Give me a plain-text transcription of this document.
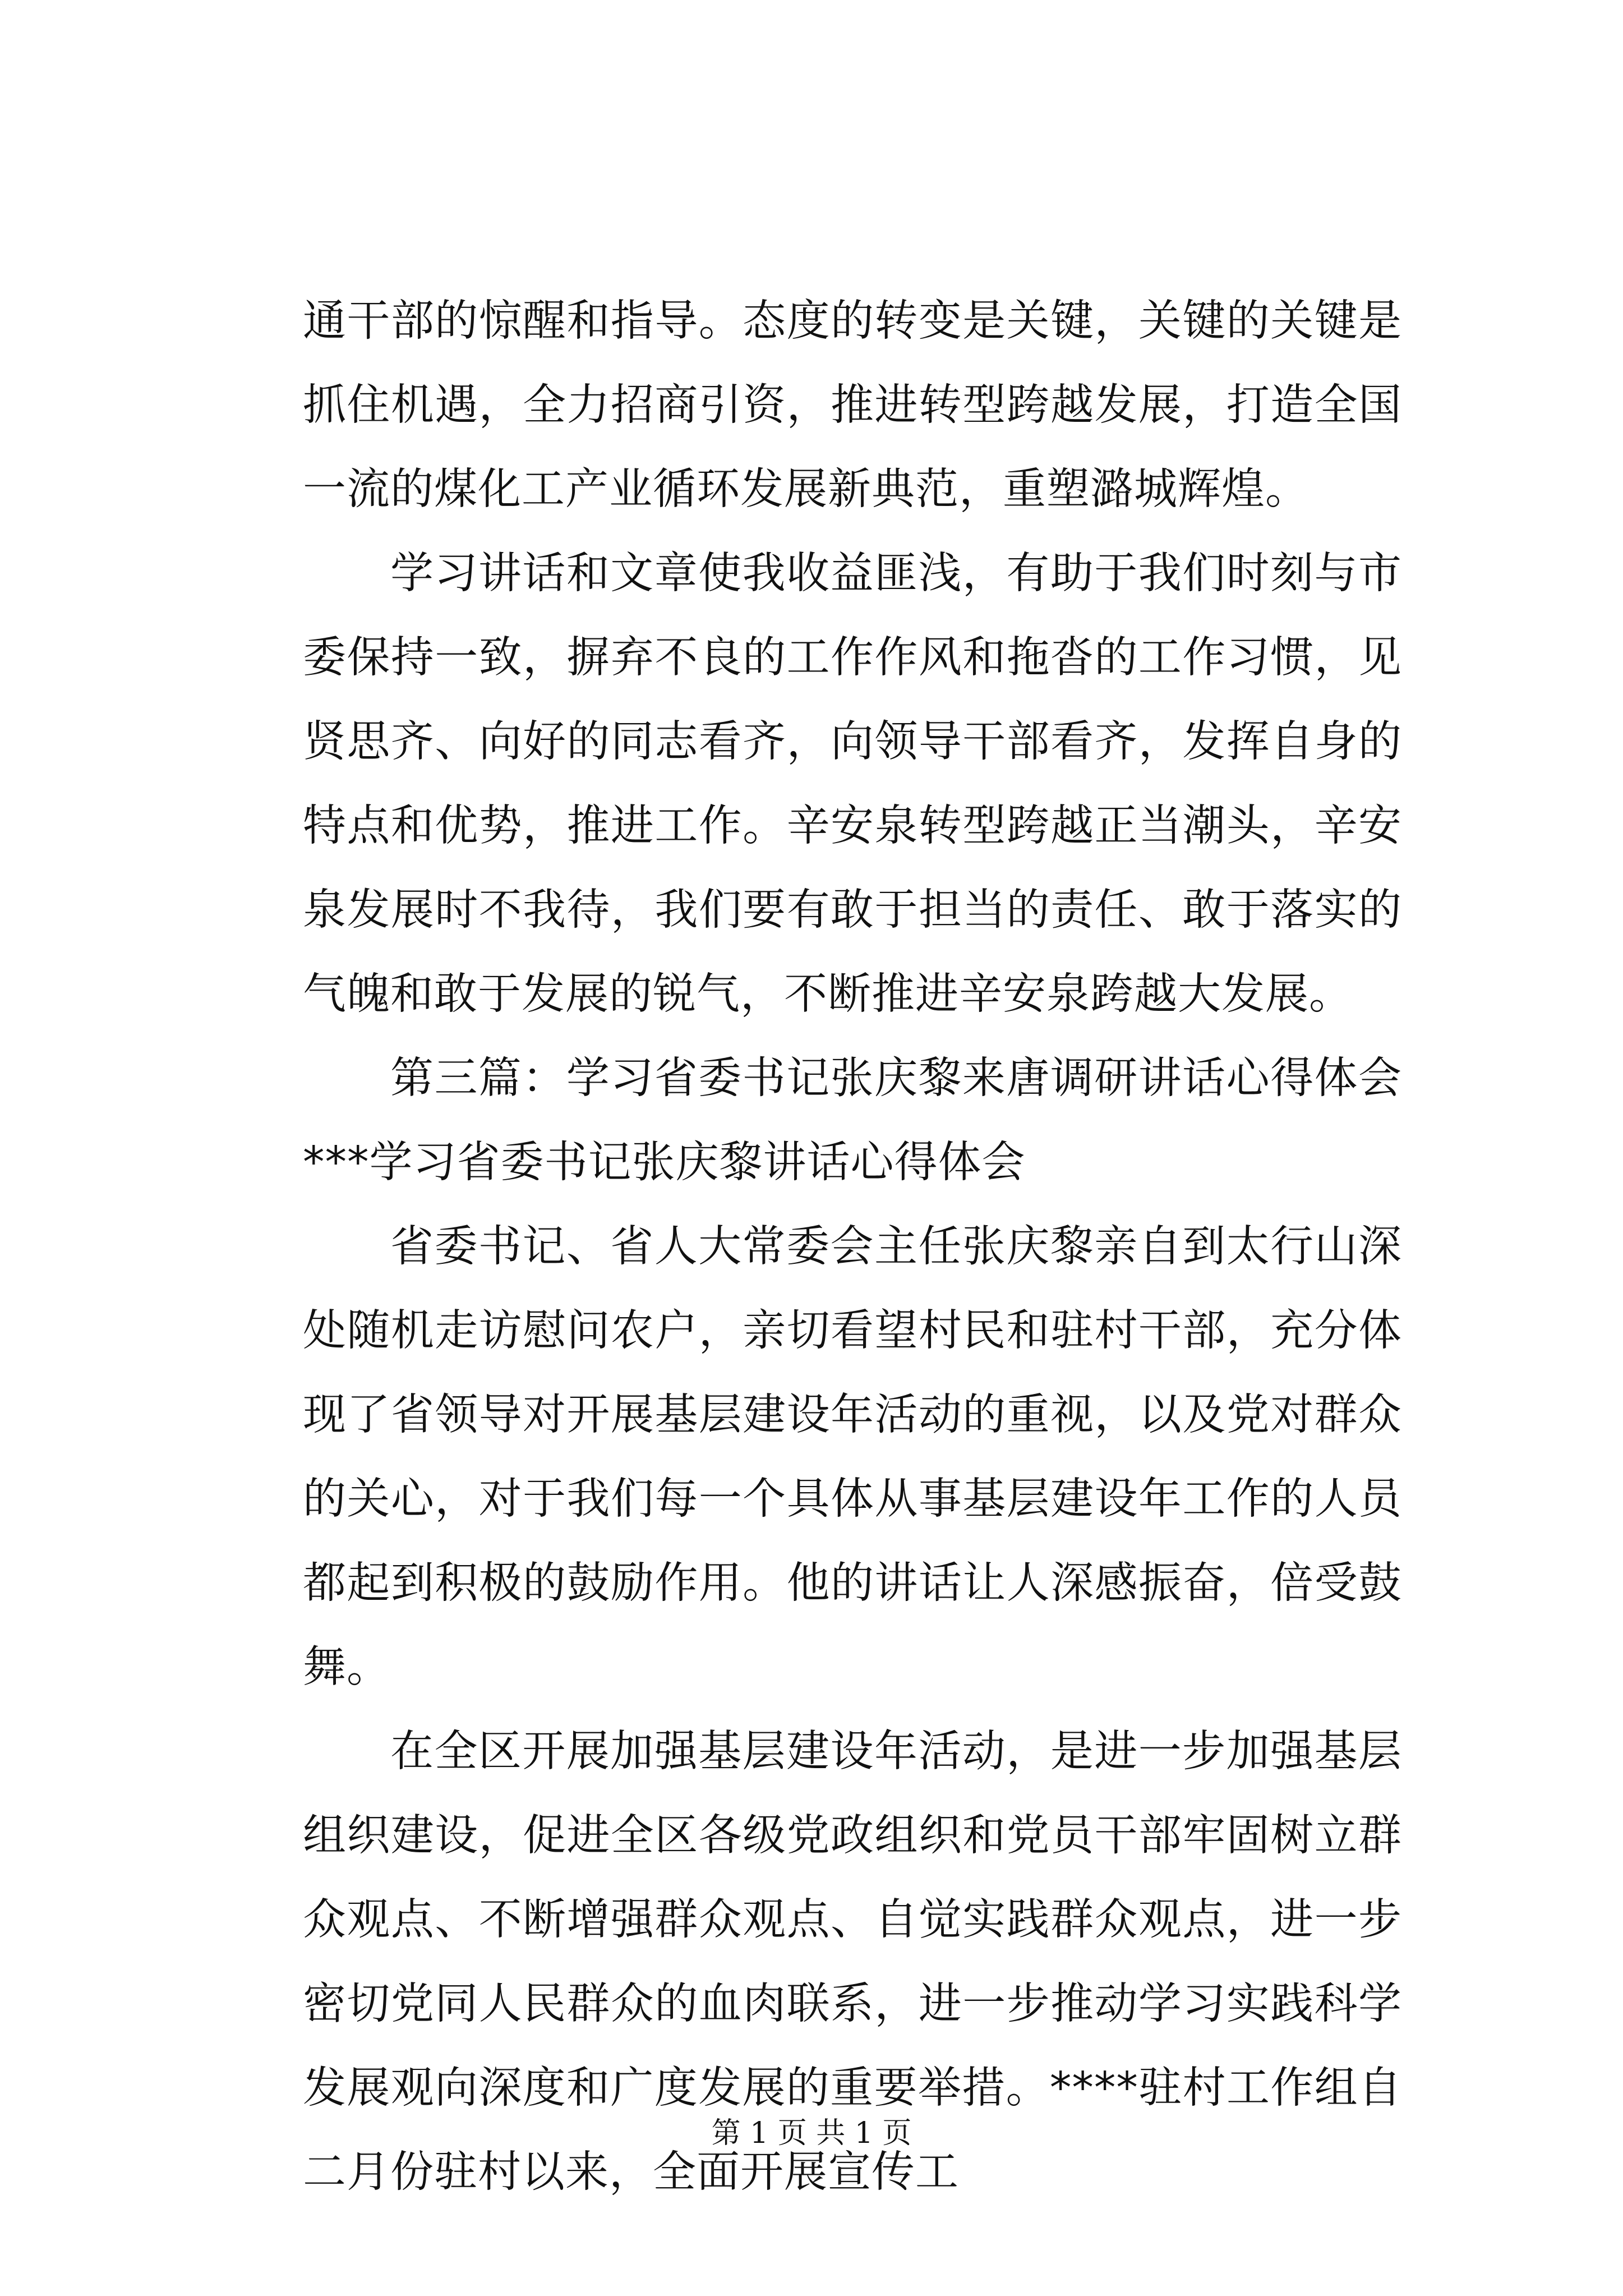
通干部的惊醒和指导。态度的转变是关键，关键的关键是抓住机遇，全力招商引资，推进转型跨越发展，打造全国一流的煤化工产业循环发展新典范，重塑潞城辉煌。

学习讲话和文章使我收益匪浅，有助于我们时刻与市委保持一致，摒弃不良的工作作风和拖沓的工作习惯，见贤思齐、向好的同志看齐，向领导干部看齐，发挥自身的特点和优势，推进工作。辛安泉转型跨越正当潮头，辛安泉发展时不我待，我们要有敢于担当的责任、敢于落实的气魄和敢于发展的锐气，不断推进辛安泉跨越大发展。

第三篇：学习省委书记张庆黎来唐调研讲话心得体会***学习省委书记张庆黎讲话心得体会

省委书记、省人大常委会主任张庆黎亲自到太行山深处随机走访慰问农户，亲切看望村民和驻村干部，充分体现了省领导对开展基层建设年活动的重视，以及党对群众的关心，对于我们每一个具体从事基层建设年工作的人员都起到积极的鼓励作用。他的讲话让人深感振奋，倍受鼓舞。

在全区开展加强基层建设年活动，是进一步加强基层组织建设，促进全区各级党政组织和党员干部牢固树立群众观点、不断增强群众观点、自觉实践群众观点，进一步密切党同人民群众的血肉联系，进一步推动学习实践科学发展观向深度和广度发展的重要举措。****驻村工作组自二月份驻村以来，全面开展宣传工

第 1 页 共 1 页
